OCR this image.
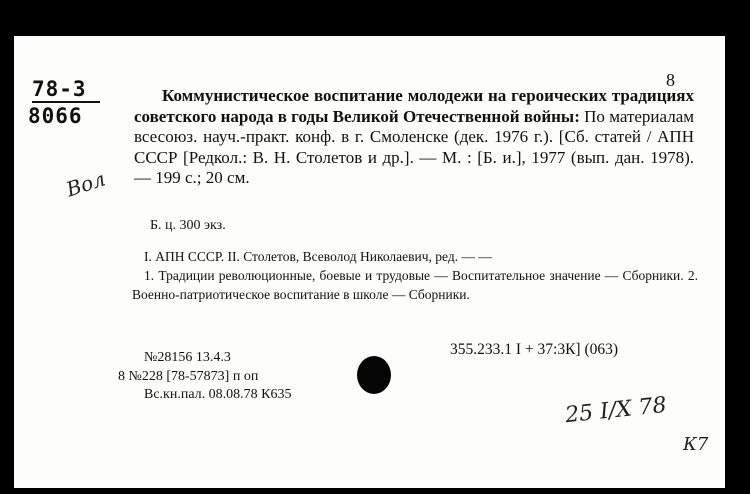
78-3
8066
8
Вол

Коммунистическое воспитание молодежи на героических традициях советского народа в годы Великой Отечественной войны: По материалам всесоюз. науч.-практ. конф. в г. Смоленске (дек. 1976 г.). [Сб. статей / АПН СССР [Редкол.: В. Н. Столетов и др.]. — М. : [Б. и.], 1977 (вып. дан. 1978). — 199 с.; 20 см.

Б. ц. 300 экз.

I. АПН СССР. II. Столетов, Всеволод Николаевич, ред. — —

1. Традиции революционные, боевые и трудовые — Воспитательное значение — Сборники. 2. Военно-патриотическое воспитание в школе — Сборники.

355.233.1 I + 37:3К] (063)
№28156 13.4.3
8 №228 [78-57873] п оп
Вс.кн.пал. 08.08.78 К635	25 I/Х 78
К7
